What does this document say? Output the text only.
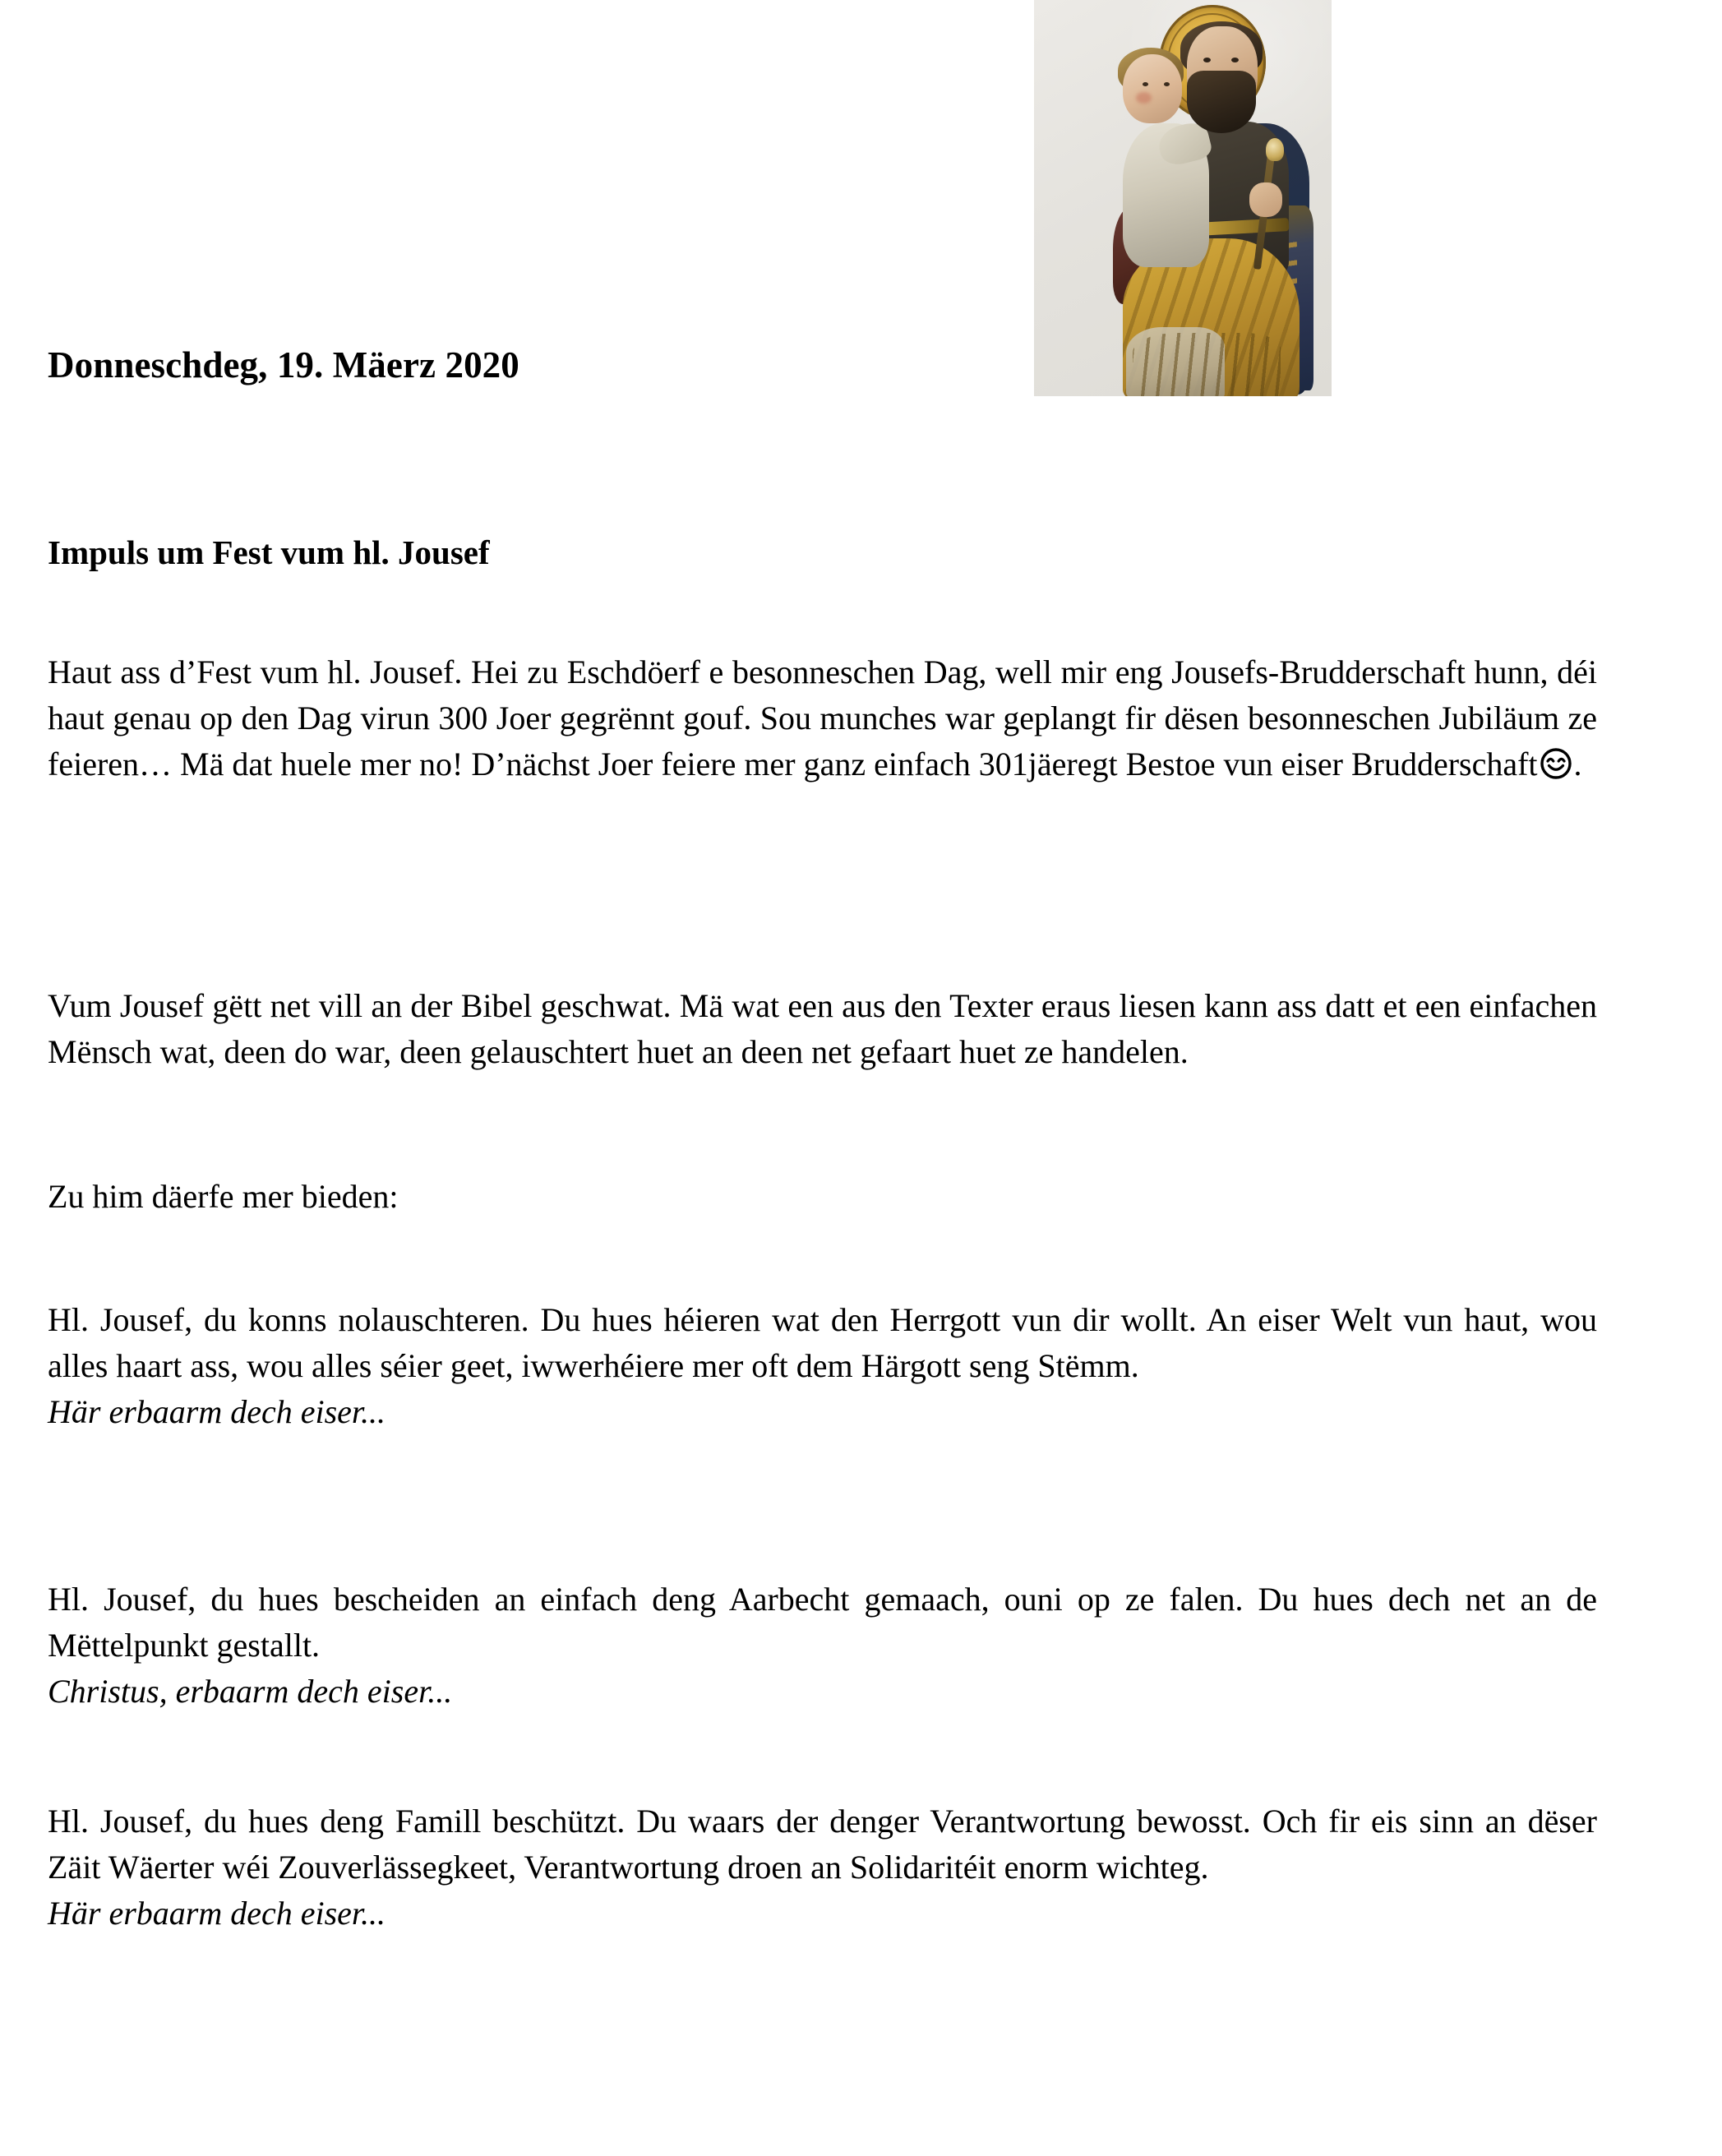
Donneschdeg, 19. Mäerz 2020
Impuls um Fest vum hl. Jousef

Haut ass d’Fest vum hl. Jousef. Hei zu Eschdöerf e besonneschen Dag, well mir eng Jousefs-Brudderschaft hunn, déi haut genau op den Dag virun 300 Joer gegrënnt gouf. Sou munches war geplangt fir dësen besonneschen Jubiläum ze feieren… Mä dat huele mer no! D’nächst Joer feiere mer ganz einfach 301jäeregt Bestoe vun eiser Brudderschaft .

Vum Jousef gëtt net vill an der Bibel geschwat. Mä wat een aus den Texter eraus liesen kann ass datt et een einfachen Mënsch wat, deen do war, deen gelauschtert huet an deen net gefaart huet ze handelen.

Zu him däerfe mer bieden:

Hl. Jousef, du konns nolauschteren. Du hues héieren wat den Herrgott vun dir wollt. An eiser Welt vun haut, wou alles haart ass, wou alles séier geet, iwwerhéiere mer oft dem Härgott seng Stëmm.

Här erbaarm dech eiser...

Hl. Jousef, du hues bescheiden an einfach deng Aarbecht gemaach, ouni op ze falen. Du hues dech net an de Mëttelpunkt gestallt.

Christus, erbaarm dech eiser...

Hl. Jousef, du hues deng Famill beschützt. Du waars der denger Verantwortung bewosst. Och fir eis sinn an dëser Zäit Wäerter wéi Zouverlässegkeet, Verantwortung droen an Solidaritéit enorm wichteg.

Här erbaarm dech eiser...
